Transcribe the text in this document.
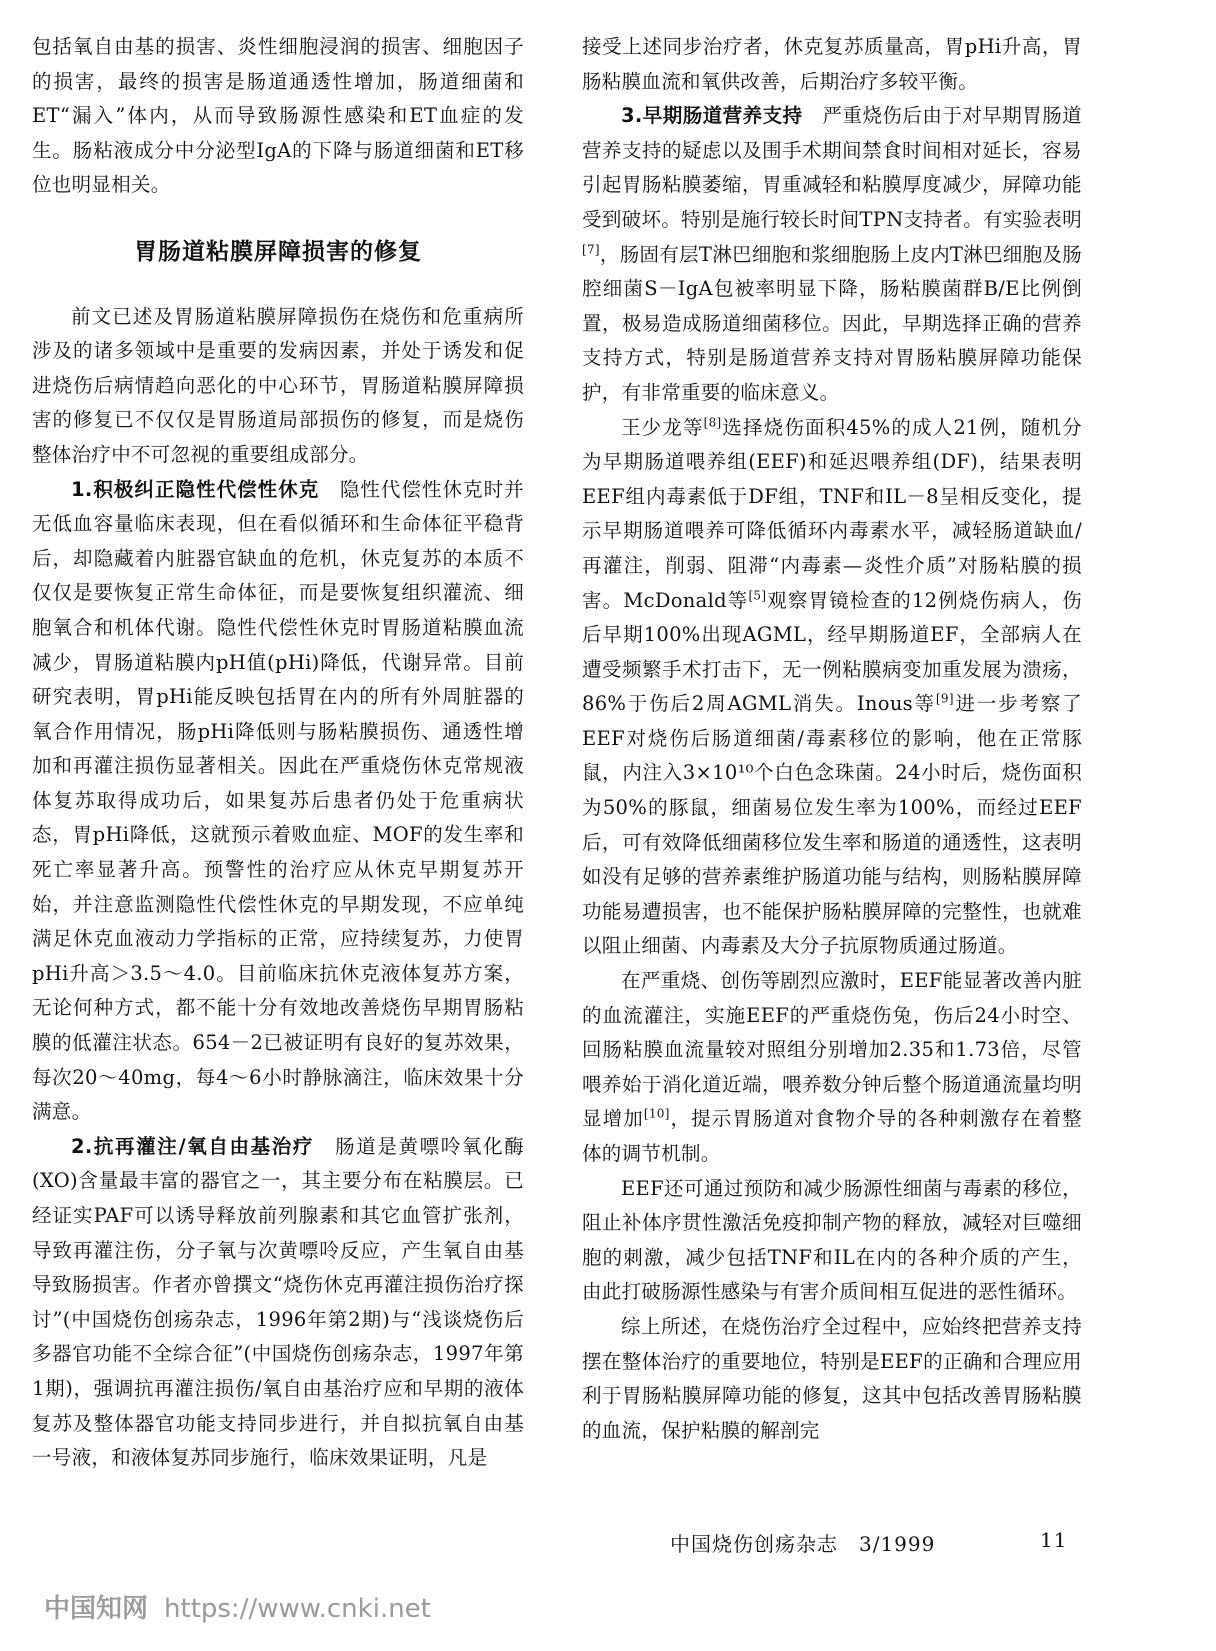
包括氧自由基的损害、炎性细胞浸润的损害、细胞因子的损害，最终的损害是肠道通透性增加，肠道细菌和ET“漏入”体内，从而导致肠源性感染和ET血症的发生。肠粘液成分中分泌型IgA的下降与肠道细菌和ET移位也明显相关。

胃肠道粘膜屏障损害的修复

前文已述及胃肠道粘膜屏障损伤在烧伤和危重病所涉及的诸多领域中是重要的发病因素，并处于诱发和促进烧伤后病情趋向恶化的中心环节，胃肠道粘膜屏障损害的修复已不仅仅是胃肠道局部损伤的修复，而是烧伤整体治疗中不可忽视的重要组成部分。

1.积极纠正隐性代偿性休克　 隐性代偿性休克时并无低血容量临床表现，但在看似循环和生命体征平稳背后，却隐藏着内脏器官缺血的危机，休克复苏的本质不仅仅是要恢复正常生命体征，而是要恢复组织灌流、细胞氧合和机体代谢。隐性代偿性休克时胃肠道粘膜血流减少，胃肠道粘膜内pH值(pHi)降低，代谢异常。目前研究表明，胃pHi能反映包括胃在内的所有外周脏器的氧合作用情况，肠pHi降低则与肠粘膜损伤、通透性增加和再灌注损伤显著相关。因此在严重烧伤休克常规液体复苏取得成功后，如果复苏后患者仍处于危重病状态，胃pHi降低，这就预示着败血症、MOF的发生率和死亡率显著升高。预警性的治疗应从休克早期复苏开始，并注意监测隐性代偿性休克的早期发现，不应单纯满足休克血液动力学指标的正常，应持续复苏，力使胃pHi升高＞3.5～4.0。目前临床抗休克液体复苏方案，无论何种方式，都不能十分有效地改善烧伤早期胃肠粘膜的低灌注状态。654－2已被证明有良好的复苏效果，每次20～40mg，每4～6小时静脉滴注，临床效果十分满意。

2.抗再灌注/氧自由基治疗　 肠道是黄嘌呤氧化酶(XO)含量最丰富的器官之一，其主要分布在粘膜层。已经证实PAF可以诱导释放前列腺素和其它血管扩张剂，导致再灌注伤，分子氧与次黄嘌呤反应，产生氧自由基导致肠损害。作者亦曾撰文“烧伤休克再灌注损伤治疗探讨”(中国烧伤创疡杂志，1996年第2期)与“浅谈烧伤后多器官功能不全综合征”(中国烧伤创疡杂志，1997年第1期)，强调抗再灌注损伤/氧自由基治疗应和早期的液体复苏及整体器官功能支持同步进行，并自拟抗氧自由基一号液，和液体复苏同步施行，临床效果证明，凡是

接受上述同步治疗者，休克复苏质量高，胃pHi升高，胃肠粘膜血流和氧供改善，后期治疗多较平衡。

3.早期肠道营养支持　 严重烧伤后由于对早期胃肠道营养支持的疑虑以及围手术期间禁食时间相对延长，容易引起胃肠粘膜萎缩，胃重减轻和粘膜厚度减少，屏障功能受到破坏。特别是施行较长时间TPN支持者。有实验表明[7]，肠固有层T淋巴细胞和浆细胞肠上皮内T淋巴细胞及肠腔细菌S－IgA包被率明显下降，肠粘膜菌群B/E比例倒置，极易造成肠道细菌移位。因此，早期选择正确的营养支持方式，特别是肠道营养支持对胃肠粘膜屏障功能保护，有非常重要的临床意义。

王少龙等[8]选择烧伤面积45%的成人21例，随机分为早期肠道喂养组(EEF)和延迟喂养组(DF)，结果表明EEF组内毒素低于DF组，TNF和IL－8呈相反变化，提示早期肠道喂养可降低循环内毒素水平，减轻肠道缺血/再灌注，削弱、阻滞“内毒素—炎性介质”对肠粘膜的损害。McDonald等[5]观察胃镜检查的12例烧伤病人，伤后早期100%出现AGML，经早期肠道EF，全部病人在遭受频繁手术打击下，无一例粘膜病变加重发展为溃疡，86%于伤后2周AGML消失。Inous等[9]进一步考察了EEF对烧伤后肠道细菌/毒素移位的影响，他在正常豚鼠，内注入3×10¹⁰个白色念珠菌。24小时后，烧伤面积为50%的豚鼠，细菌易位发生率为100%，而经过EEF后，可有效降低细菌移位发生率和肠道的通透性，这表明如没有足够的营养素维护肠道功能与结构，则肠粘膜屏障功能易遭损害，也不能保护肠粘膜屏障的完整性，也就难以阻止细菌、内毒素及大分子抗原物质通过肠道。

在严重烧、创伤等剧烈应激时，EEF能显著改善内脏的血流灌注，实施EEF的严重烧伤兔，伤后24小时空、回肠粘膜血流量较对照组分别增加2.35和1.73倍，尽管喂养始于消化道近端，喂养数分钟后整个肠道通流量均明显增加[10]，提示胃肠道对食物介导的各种刺激存在着整体的调节机制。

EEF还可通过预防和减少肠源性细菌与毒素的移位，阻止补体序贯性激活免疫抑制产物的释放，减轻对巨噬细胞的刺激，减少包括TNF和IL在内的各种介质的产生，由此打破肠源性感染与有害介质间相互促进的恶性循环。

综上所述，在烧伤治疗全过程中，应始终把营养支持摆在整体治疗的重要地位，特别是EEF的正确和合理应用利于胃肠粘膜屏障功能的修复，这其中包括改善胃肠粘膜的血流，保护粘膜的解剖完

中国烧伤创疡杂志　3/1999	11
中国知网 https://www.cnki.net
